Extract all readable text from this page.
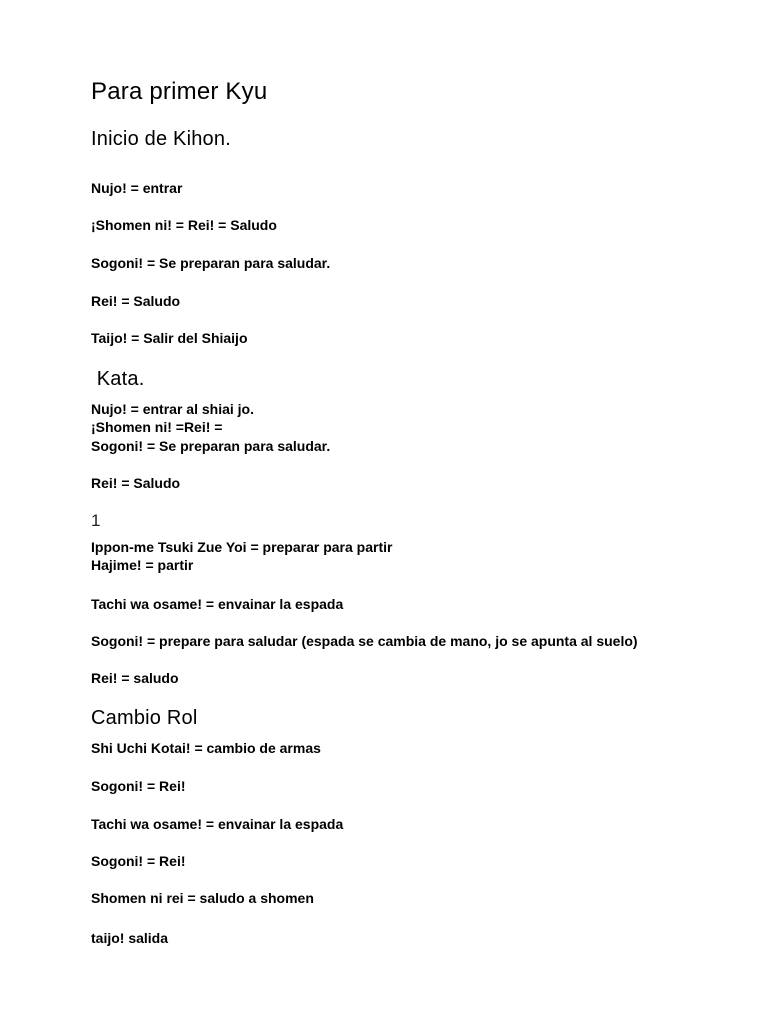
Para primer Kyu
Inicio de Kihon.
Nujo! = entrar
¡Shomen ni! = Rei! = Saludo
Sogoni! = Se preparan para saludar.
Rei! = Saludo
Taijo! = Salir del Shiaijo
Kata.
Nujo! = entrar al shiai jo.
¡Shomen ni! =Rei! =
Sogoni! = Se preparan para saludar.
Rei! = Saludo
1
Ippon-me Tsuki Zue Yoi = preparar para partir
Hajime! = partir
Tachi wa osame! = envainar la espada
Sogoni! = prepare para saludar (espada se cambia de mano, jo se apunta al suelo)
Rei! = saludo
Cambio Rol
Shi Uchi Kotai! = cambio de armas
Sogoni! = Rei!
Tachi wa osame! = envainar la espada
Sogoni! = Rei!
Shomen ni rei = saludo a shomen
taijo! salida
